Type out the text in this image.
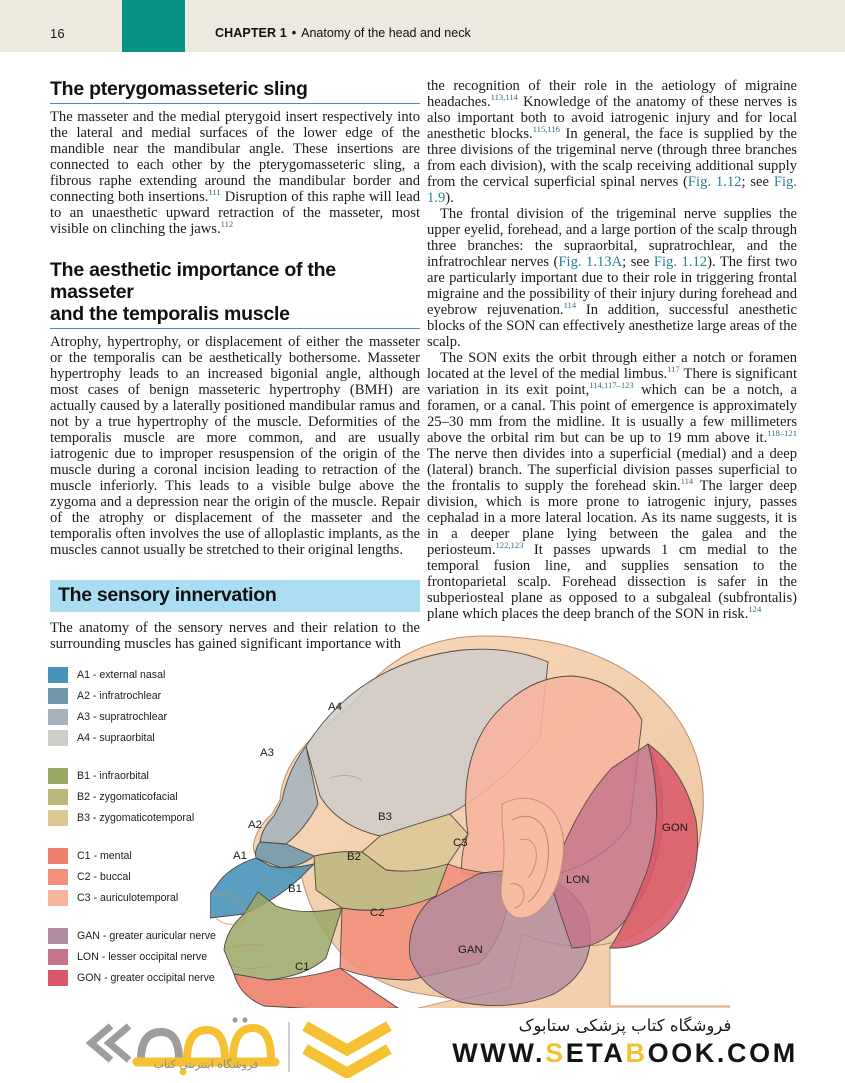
16	CHAPTER 1 • Anatomy of the head and neck
The pterygomasseteric sling

The masseter and the medial pterygoid insert respectively into the lateral and medial surfaces of the lower edge of the mandible near the mandibular angle. These insertions are connected to each other by the pterygomasseteric sling, a fibrous raphe extending around the mandibular border and connecting both insertions.$^{111}$ Disruption of this raphe will lead to an unaesthetic upward retraction of the masseter, most visible on clinching the jaws.$^{112}$

The aesthetic importance of the masseter
and the temporalis muscle

Atrophy, hypertrophy, or displacement of either the masseter or the temporalis can be aesthetically bothersome. Masseter hypertrophy leads to an increased bigonial angle, although most cases of benign masseteric hypertrophy (BMH) are actually caused by a laterally positioned mandibular ramus and not by a true hypertrophy of the muscle. Deformities of the temporalis muscle are more common, and are usually iatrogenic due to improper resuspension of the origin of the muscle during a coronal incision leading to retraction of the muscle inferiorly. This leads to a visible bulge above the zygoma and a depression near the origin of the muscle. Repair of the atrophy or displacement of the masseter and the temporalis often involves the use of alloplastic implants, as the muscles cannot usually be stretched to their original lengths.

The sensory innervation

The anatomy of the sensory nerves and their relation to the surrounding muscles has gained significant importance with

the recognition of their role in the aetiology of migraine headaches.$^{113,114}$ Knowledge of the anatomy of these nerves is also important both to avoid iatrogenic injury and for local anesthetic blocks.$^{115,116}$ In general, the face is supplied by the three divisions of the trigeminal nerve (through three branches from each division), with the scalp receiving additional supply from the cervical superficial spinal nerves (Fig. 1.12; see Fig. 1.9).

The frontal division of the trigeminal nerve supplies the upper eyelid, forehead, and a large portion of the scalp through three branches: the supraorbital, supratrochlear, and the infratrochlear nerves (Fig. 1.13A; see Fig. 1.12). The first two are particularly important due to their role in triggering frontal migraine and the possibility of their injury during forehead and eyebrow rejuvenation.$^{114}$ In addition, successful anesthetic blocks of the SON can effectively anesthetize large areas of the scalp.

The SON exits the orbit through either a notch or foramen located at the level of the medial limbus.$^{117}$ There is significant variation in its exit point,$^{114,117-123}$ which can be a notch, a foramen, or a canal. This point of emergence is approximately 25–30 mm from the midline. It is usually a few millimeters above the orbital rim but can be up to 19 mm above it.$^{118-121}$ The nerve then divides into a superficial (medial) and a deep (lateral) branch. The superficial division passes superficial to the frontalis to supply the forehead skin.$^{114}$ The larger deep division, which is more prone to iatrogenic injury, passes cephalad in a more lateral location. As its name suggests, it is in a deeper plane lying between the galea and the periosteum.$^{122,123}$ It passes upwards 1 cm medial to the temporal fusion line, and supplies sensation to the frontoparietal scalp. Forehead dissection is safer in the subperiosteal plane as opposed to a subgaleal (subfrontalis) plane which places the deep branch of the SON in risk.$^{124}$

A1 - external nasal
A2 - infratrochlear
A3 - supratrochlear
A4 - supraorbital
B1 - infraorbital
B2 - zygomaticofacial
B3 - zygomaticotemporal
C1 - mental
C2 - buccal
C3 - auriculotemporal
GAN - greater auricular nerve
LON - lesser occipital nerve
GON - greater occipital nerve
A4
A3
A2
A1
B3
B2
B1
C3
C2
C1
GAN
LON
GON
فروشگاه اینترنتی کتاب
فروشگاه کتاب پزشکی ستابوک
WWW.SETABOOK.COM
